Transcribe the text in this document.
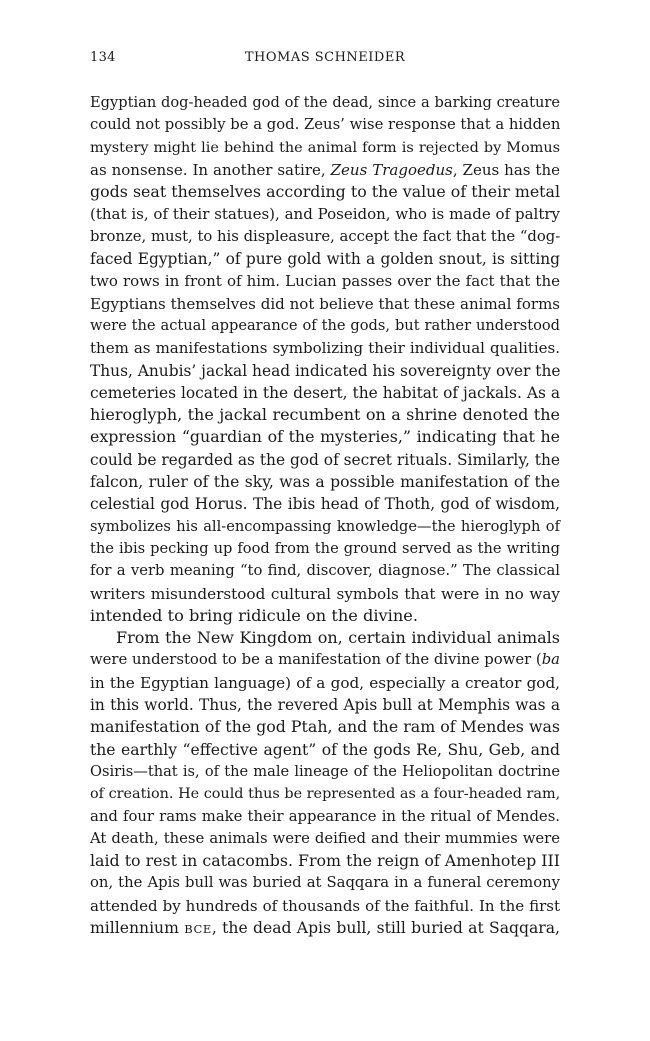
134	THOMAS SCHNEIDER
Egyptian dog-headed god of the dead, since a barking creature
could not possibly be a god. Zeus’ wise response that a hidden
mystery might lie behind the animal form is rejected by Momus
as nonsense. In another satire, Zeus Tragoedus, Zeus has the
gods seat themselves according to the value of their metal
(that is, of their statues), and Poseidon, who is made of paltry
bronze, must, to his displeasure, accept the fact that the “dog-
faced Egyptian,” of pure gold with a golden snout, is sitting
two rows in front of him. Lucian passes over the fact that the
Egyptians themselves did not believe that these animal forms
were the actual appearance of the gods, but rather understood
them as manifestations symbolizing their individual qualities.
Thus, Anubis’ jackal head indicated his sovereignty over the
cemeteries located in the desert, the habitat of jackals. As a
hieroglyph, the jackal recumbent on a shrine denoted the
expression “guardian of the mysteries,” indicating that he
could be regarded as the god of secret rituals. Similarly, the
falcon, ruler of the sky, was a possible manifestation of the
celestial god Horus. The ibis head of Thoth, god of wisdom,
symbolizes his all-encompassing knowledge—the hieroglyph of
the ibis pecking up food from the ground served as the writing
for a verb meaning “to find, discover, diagnose.” The classical
writers misunderstood cultural symbols that were in no way
intended to bring ridicule on the divine.
From the New Kingdom on, certain individual animals
were understood to be a manifestation of the divine power (ba
in the Egyptian language) of a god, especially a creator god,
in this world. Thus, the revered Apis bull at Memphis was a
manifestation of the god Ptah, and the ram of Mendes was
the earthly “effective agent” of the gods Re, Shu, Geb, and
Osiris—that is, of the male lineage of the Heliopolitan doctrine
of creation. He could thus be represented as a four-headed ram,
and four rams make their appearance in the ritual of Mendes.
At death, these animals were deified and their mummies were
laid to rest in catacombs. From the reign of Amenhotep III
on, the Apis bull was buried at Saqqara in a funeral ceremony
attended by hundreds of thousands of the faithful. In the first
millennium BCE, the dead Apis bull, still buried at Saqqara,
